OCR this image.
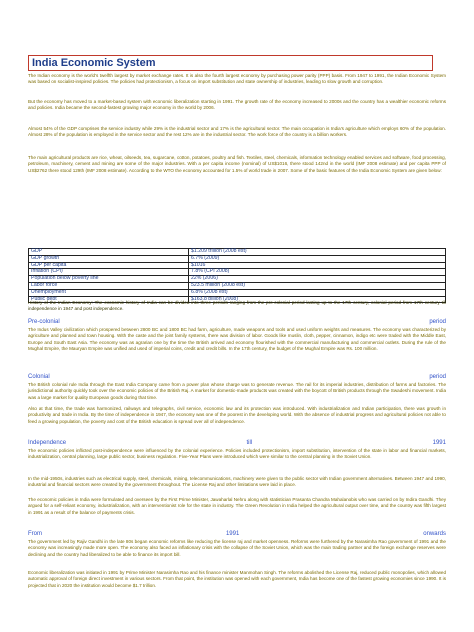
India Economic System
The Indian economy is the world's twelfth largest by market exchange rates. It is also the fourth largest economy by purchasing power parity (PPP) basis. From 1947 to 1991, the Indian Economic System was based on socialist-inspired policies. The policies had protectionism, a focus on import substitution and state ownership of industries, leading to slow growth and corruption.
But the economy has moved to a market-based system with economic liberalization starting in 1991. The growth rate of the economy increased to 2000s and the country has a wealthier economic reforms and policies. India became the second-fastest growing major economy in the world by 2006.
Almost 54% of the GDP comprises the service industry while 29% is the industrial sector and 17% is the agricultural sector. The main occupation is India's agriculture which employs 60% of the population. Almost 28% of the population is employed in the service sector and the rest 12% are in the industrial sector. The work force of the country is a billion workers.
The main agricultural products are rice, wheat, oilseeds, tea, sugarcane, cotton, potatoes, poultry and fish. Textiles, steel, chemicals, information technology enabled services and software, food processing, petroleum, machinery, cement and mining are some of the major industries. With a per capita income (nominal) of US$1016, there stood 142nd in the world (IMF 2008 estimate) and per capita PPP of US$2762 there stood 129th (IMF 2008 estimate). According to the WTO the economy accounted for 1.5% of world trade in 2007. Some of the basic features of the India Economic System are given below:
GDP	$1.209 trillion (2008 est)
GDP growth	6.7% (2009)
GDP per capita	$1016
Inflation (CPI)	7.8% (CPI 2008)
Population below poverty line	22% (2006)
Labor force	523.5 million (2008 est)
Unemployment	6.8% (2008 est)
Public debt	$163.8 billion (2008)
History of the Indian Economy: The economic history of India can be divided into three periods ranging from the pre-colonial period lasting up to the 17th century, colonial period from 17th century till independence in 1947 and post independence.
Pre-colonial	period
The Indus Valley civilization which prospered between 2800 BC and 1800 BC had farm, agriculture, made weapons and tools and used uniform weights and measures. The economy was characterized by agriculture and planned and town housing. With the caste and the joint family systems, there was division of labor. Goods like muslin, cloth, pepper, cinnamon, indigo etc were traded with the Middle East, Europe and South East Asia. The economy was as agrarian one by the time the British arrived and economy flourished with the commercial manufacturing and commercial outlets. During the rule of the Mughal Empire, the Mauryan Empire was unified and used of imperial coins, credit and credit bills. In the 17th century, the budget of the Mughal Empire was Rs. 100 million.
Colonial	period
The British colonial rule India through the East India Company came from a power plan whose charge was to generate revenue. The rail for its imperial industries, distribution of farms and factories. The jurisdictional authority quickly took over the economic policies of the British Raj. A market for domestic-made products was created with the boycott of British products through the Swadeshi movement. India was a large market for quality European goods during that time.
Also at that time, the trade was harmonized, railways and telegraphs, civil service, economic law and its protection was introduced. With industrialization and Indian participation, there was growth in productivity and trade in India. By the time of independence in 1947, the economy was one of the poorest in the developing world. With the absence of industrial progress and agricultural policies not able to feed a growing population, the poverty and cost of the British education is spread over all of independence.
Independence	till	1991
The economic policies inflicted post-independence were influenced by the colonial experience. Policies included protectionism, import substitution, intervention of the state in labor and financial markets, industrialization, central planning, large public sector, business regulation. Five-Year Plans were introduced which were similar to the central planning in the Soviet Union.
In the mid-1950s, industries such as electrical supply, steel, chemicals, mining, telecommunications, machinery were given to the public sector with Indian government alternatives. Between 1947 and 1990, industrial and financial sectors were created by the government throughout. The License Raj and other limitations were laid in place.
The economic policies in India were formulated and overseen by the First Prime Minister, Jawaharlal Nehru along with statistician Prasanta Chandra Mahalanobis who was carried on by Indira Gandhi. They argued for a self-reliant economy, industrialization, with an interventionist role for the state in industry. The Green Revolution in India helped the agricultural output over time, and the country was fifth largest in 1991 as a result of the balance of payments crisis.
From	1991	onwards
The government led by Rajiv Gandhi in the late 80s began economic reforms like reducing the license raj and market openness. Reforms were furthered by the Narasimha Rao government of 1991 and the economy was increasingly made more open. The economy also faced an inflationary crisis with the collapse of the Soviet Union, which was the main trading partner and the foreign exchange reserves were declining and the country had liberalized to be able to finance its import bill.
Economic liberalization was initiated in 1991 by Prime Minister Narasimha Rao and his finance minister Manmohan Singh. The reforms abolished the License Raj, reduced public monopolies, which allowed automatic approval of foreign direct investment in various sectors. From that point, the institution was opened with each government, India has become one of the fastest growing economies since 1990. It is projected that in 2020 the institution would become $1.7 trillion.
